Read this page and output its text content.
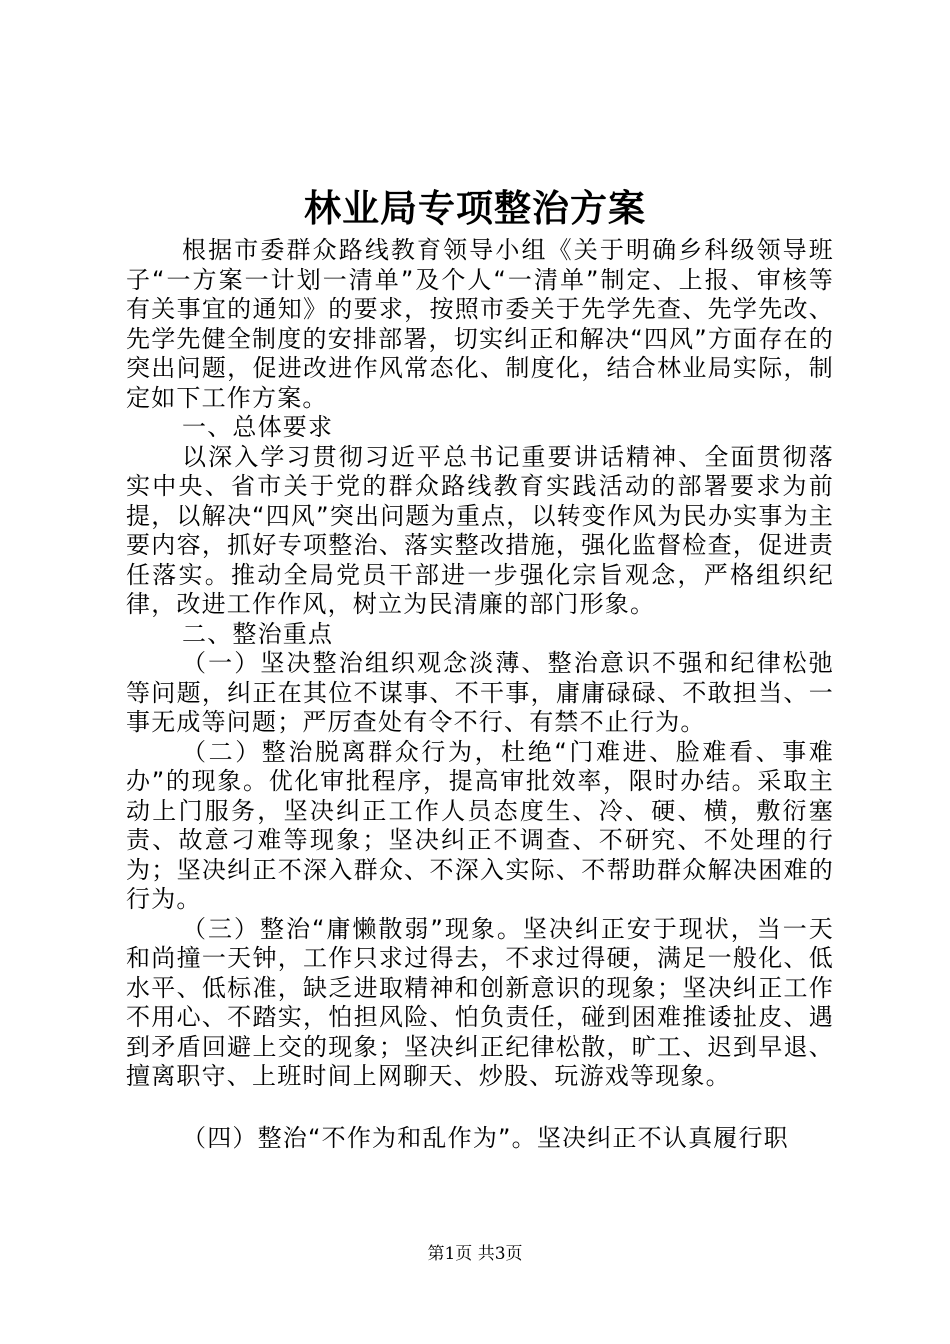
林业局专项整治方案

根据市委群众路线教育领导小组《关于明确乡科级领导班子“一方案一计划一清单”及个人“一清单”制定、上报、审核等有关事宜的通知》的要求，按照市委关于先学先查、先学先改、先学先健全制度的安排部署，切实纠正和解决“四风”方面存在的突出问题，促进改进作风常态化、制度化，结合林业局实际，制定如下工作方案。

一、总体要求

以深入学习贯彻习近平总书记重要讲话精神、全面贯彻落实中央、省市关于党的群众路线教育实践活动的部署要求为前提，以解决“四风”突出问题为重点，以转变作风为民办实事为主要内容，抓好专项整治、落实整改措施，强化监督检查，促进责任落实。推动全局党员干部进一步强化宗旨观念，严格组织纪律，改进工作作风，树立为民清廉的部门形象。

二、整治重点

（一）坚决整治组织观念淡薄、整治意识不强和纪律松弛等问题，纠正在其位不谋事、不干事，庸庸碌碌、不敢担当、一事无成等问题；严厉查处有令不行、有禁不止行为。

（二）整治脱离群众行为，杜绝“门难进、脸难看、事难办”的现象。优化审批程序，提高审批效率，限时办结。采取主动上门服务，坚决纠正工作人员态度生、冷、硬、横，敷衍塞责、故意刁难等现象；坚决纠正不调查、不研究、不处理的行为；坚决纠正不深入群众、不深入实际、不帮助群众解决困难的行为。

（三）整治“庸懒散弱”现象。坚决纠正安于现状，当一天和尚撞一天钟，工作只求过得去，不求过得硬，满足一般化、低水平、低标准，缺乏进取精神和创新意识的现象；坚决纠正工作不用心、不踏实，怕担风险、怕负责任，碰到困难推诿扯皮、遇到矛盾回避上交的现象；坚决纠正纪律松散，旷工、迟到早退、擅离职守、上班时间上网聊天、炒股、玩游戏等现象。

（四）整治“不作为和乱作为”。坚决纠正不认真履行职

第1页 共3页
